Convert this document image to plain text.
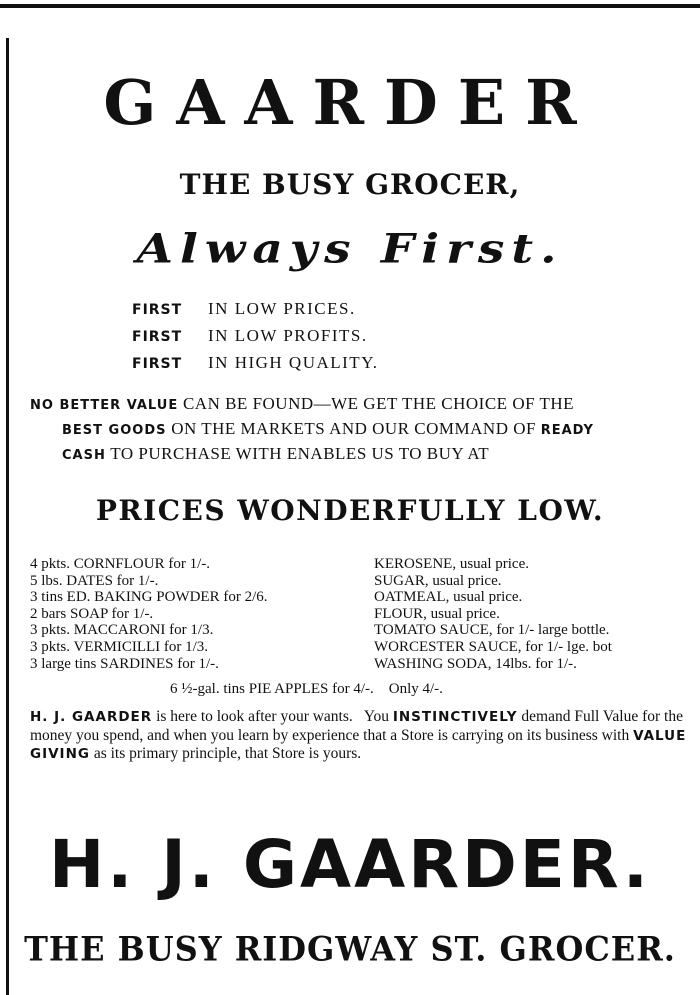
GAARDER
THE BUSY GROCER,
Always First.
FIRST IN LOW PRICES.
FIRST IN LOW PROFITS.
FIRST IN HIGH QUALITY.
NO BETTER VALUE CAN BE FOUND—WE GET THE CHOICE OF THE
BEST GOODS ON THE MARKETS AND OUR COMMAND OF READY
CASH TO PURCHASE WITH ENABLES US TO BUY AT
PRICES WONDERFULLY LOW.
4 pkts. CORNFLOUR for 1/-.
5 lbs. DATES for 1/-.
3 tins ED. BAKING POWDER for 2/6.
2 bars SOAP for 1/-.
3 pkts. MACCARONI for 1/3.
3 pkts. VERMICILLI for 1/3.
3 large tins SARDINES for 1/-.
KEROSENE, usual price.
SUGAR, usual price.
OATMEAL, usual price.
FLOUR, usual price.
TOMATO SAUCE, for 1/- large bottle.
WORCESTER SAUCE, for 1/- lge. bot
WASHING SODA, 14lbs. for 1/-.
6 ½-gal. tins PIE APPLES for 4/-.    Only 4/-.
H. J. GAARDER is here to look after your wants.   You INSTINCTIVELY demand Full Value for the money you spend, and when you learn by experience that a Store is carrying on its business with VALUE GIVING as its primary principle, that Store is yours.
H. J. GAARDER.
THE BUSY RIDGWAY ST. GROCER.
